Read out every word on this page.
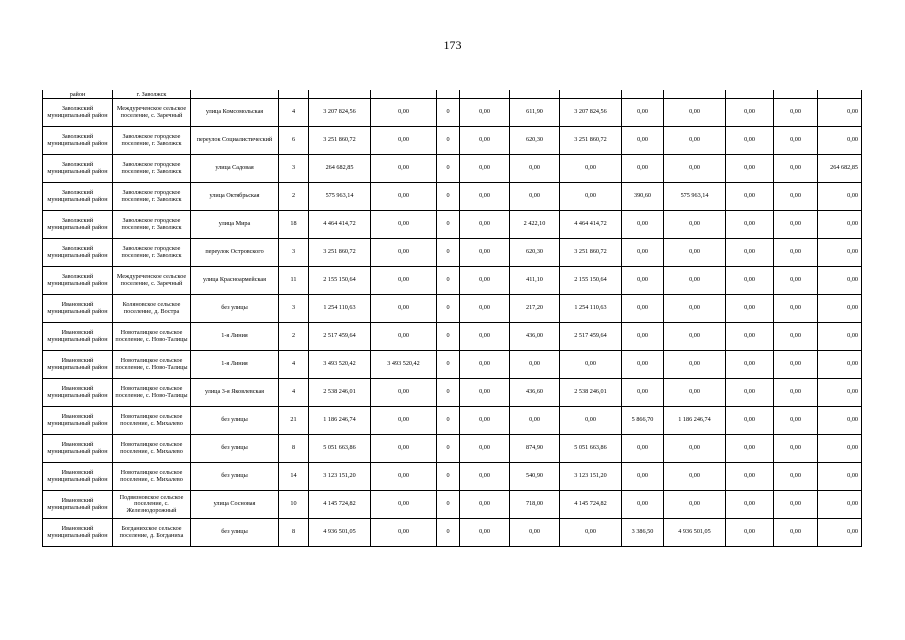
173
район	г. Заволжск													
Заволжский муниципальный район	Междуреченское сельское поселение, с. Заречный	улица Комсомольская	4	3 207 824,56	0,00	0	0,00	611,90	3 207 824,56	0,00	0,00	0,00	0,00	0,00
Заволжский муниципальный район	Заволжское городское поселение, г. Заволжск	переулок Социалистический	6	3 251 860,72	0,00	0	0,00	620,30	3 251 860,72	0,00	0,00	0,00	0,00	0,00
Заволжский муниципальный район	Заволжское городское поселение, г. Заволжск	улица Садовая	3	264 682,85	0,00	0	0,00	0,00	0,00	0,00	0,00	0,00	0,00	264 682,85
Заволжский муниципальный район	Заволжское городское поселение, г. Заволжск	улица Октябрьская	2	575 963,14	0,00	0	0,00	0,00	0,00	390,60	575 963,14	0,00	0,00	0,00
Заволжский муниципальный район	Заволжское городское поселение, г. Заволжск	улица Мира	18	4 464 414,72	0,00	0	0,00	2 422,10	4 464 414,72	0,00	0,00	0,00	0,00	0,00
Заволжский муниципальный район	Заволжское городское поселение, г. Заволжск	переулок Островского	3	3 251 860,72	0,00	0	0,00	620,30	3 251 860,72	0,00	0,00	0,00	0,00	0,00
Заволжский муниципальный район	Междуреченское сельское поселение, с. Заречный	улица Красноармейская	11	2 155 150,64	0,00	0	0,00	411,10	2 155 150,64	0,00	0,00	0,00	0,00	0,00
Ивановский муниципальный район	Коляновское сельское поселение, д. Востра	без улицы	3	1 254 110,63	0,00	0	0,00	217,20	1 254 110,63	0,00	0,00	0,00	0,00	0,00
Ивановский муниципальный район	Новоталицкое сельское поселение, с. Ново-Талицы	1-я Линия	2	2 517 459,64	0,00	0	0,00	436,00	2 517 459,64	0,00	0,00	0,00	0,00	0,00
Ивановский муниципальный район	Новоталицкое сельское поселение, с. Ново-Талицы	1-я Линия	4	3 493 520,42	3 493 520,42	0	0,00	0,00	0,00	0,00	0,00	0,00	0,00	0,00
Ивановский муниципальный район	Новоталицкое сельское поселение, с. Ново-Талицы	улица 3-я Яковлевская	4	2 538 246,01	0,00	0	0,00	436,60	2 538 246,01	0,00	0,00	0,00	0,00	0,00
Ивановский муниципальный район	Новоталицкое сельское поселение, с. Михалево	без улицы	21	1 186 246,74	0,00	0	0,00	0,00	0,00	5 866,70	1 186 246,74	0,00	0,00	0,00
Ивановский муниципальный район	Новоталицкое сельское поселение, с. Михалево	без улицы	8	5 051 663,86	0,00	0	0,00	874,90	5 051 663,86	0,00	0,00	0,00	0,00	0,00
Ивановский муниципальный район	Новоталицкое сельское поселение, с. Михалево	без улицы	14	3 123 151,20	0,00	0	0,00	540,90	3 123 151,20	0,00	0,00	0,00	0,00	0,00
Ивановский муниципальный район	Подвязновское сельское поселение, с. Железнодорожный	улица Сосновая	10	4 145 724,82	0,00	0	0,00	718,00	4 145 724,82	0,00	0,00	0,00	0,00	0,00
Ивановский муниципальный район	Богданихское сельское поселение, д. Богданиха	без улицы	8	4 936 501,05	0,00	0	0,00	0,00	0,00	3 386,50	4 936 501,05	0,00	0,00	0,00
